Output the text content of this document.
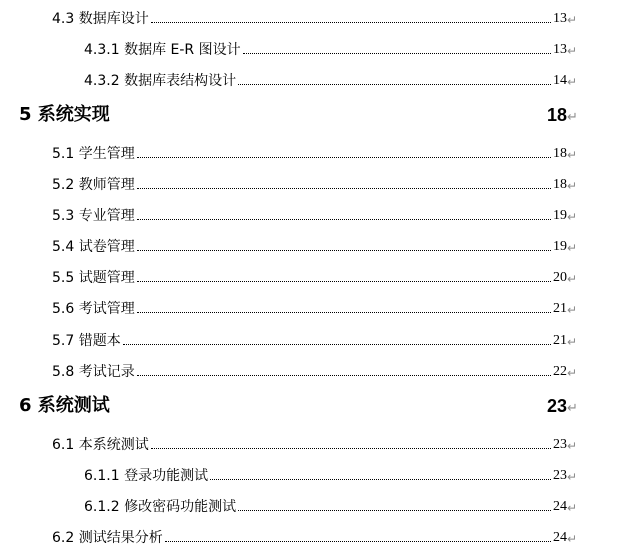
4.3 数据库设计	13 ↵
4.3.1 数据库 E-R 图设计	13 ↵
4.3.2 数据库表结构设计	14 ↵
5 系统实现	18 ↵
5.1 学生管理	18 ↵
5.2 教师管理	18 ↵
5.3 专业管理	19 ↵
5.4 试卷管理	19 ↵
5.5 试题管理	20 ↵
5.6 考试管理	21 ↵
5.7 错题本	21 ↵
5.8 考试记录	22 ↵
6 系统测试	23 ↵
6.1 本系统测试	23 ↵
6.1.1 登录功能测试	23 ↵
6.1.2 修改密码功能测试	24 ↵
6.2 测试结果分析	24 ↵
